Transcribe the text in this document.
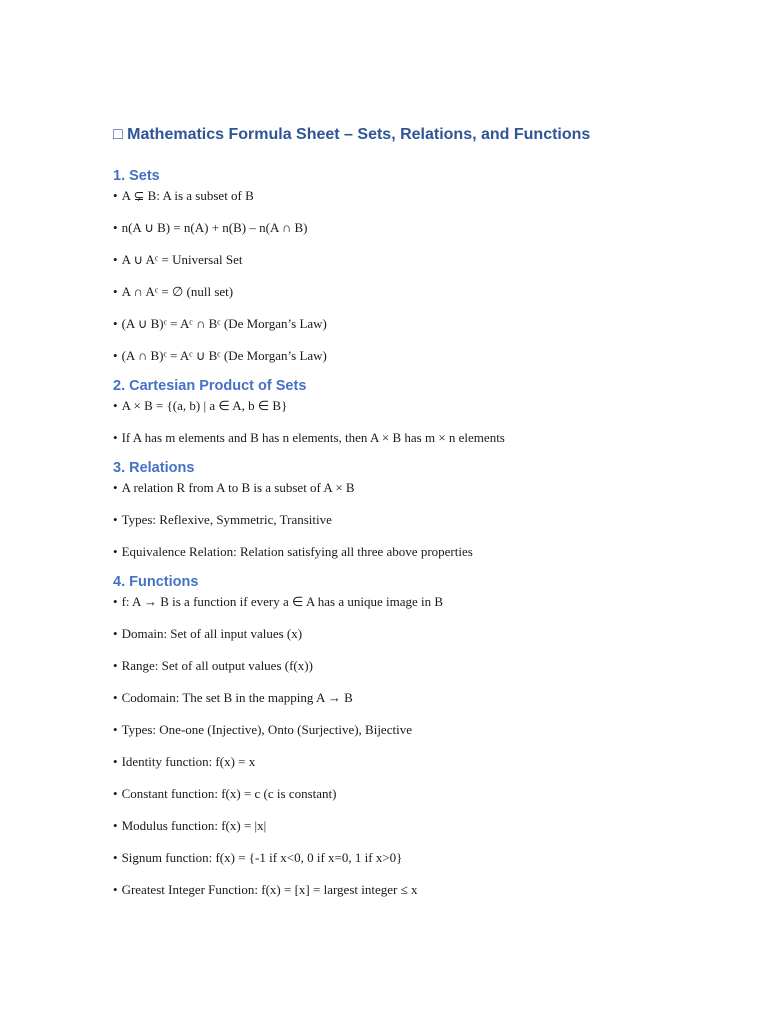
□ Mathematics Formula Sheet – Sets, Relations, and Functions
1. Sets
• A ⊊ B: A is a subset of B
• n(A ∪ B) = n(A) + n(B) – n(A ∩ B)
• A ∪ Aᶜ = Universal Set
• A ∩ Aᶜ = ∅ (null set)
• (A ∪ B)ᶜ = Aᶜ ∩ Bᶜ (De Morgan’s Law)
• (A ∩ B)ᶜ = Aᶜ ∪ Bᶜ (De Morgan’s Law)
2. Cartesian Product of Sets
• A × B = {(a, b) | a ∈ A, b ∈ B}
• If A has m elements and B has n elements, then A × B has m × n elements
3. Relations
• A relation R from A to B is a subset of A × B
• Types: Reflexive, Symmetric, Transitive
• Equivalence Relation: Relation satisfying all three above properties
4. Functions
• f: A → B is a function if every a ∈ A has a unique image in B
• Domain: Set of all input values (x)
• Range: Set of all output values (f(x))
• Codomain: The set B in the mapping A → B
• Types: One-one (Injective), Onto (Surjective), Bijective
• Identity function: f(x) = x
• Constant function: f(x) = c (c is constant)
• Modulus function: f(x) = |x|
• Signum function: f(x) = {-1 if x<0, 0 if x=0, 1 if x>0}
• Greatest Integer Function: f(x) = [x] = largest integer ≤ x
